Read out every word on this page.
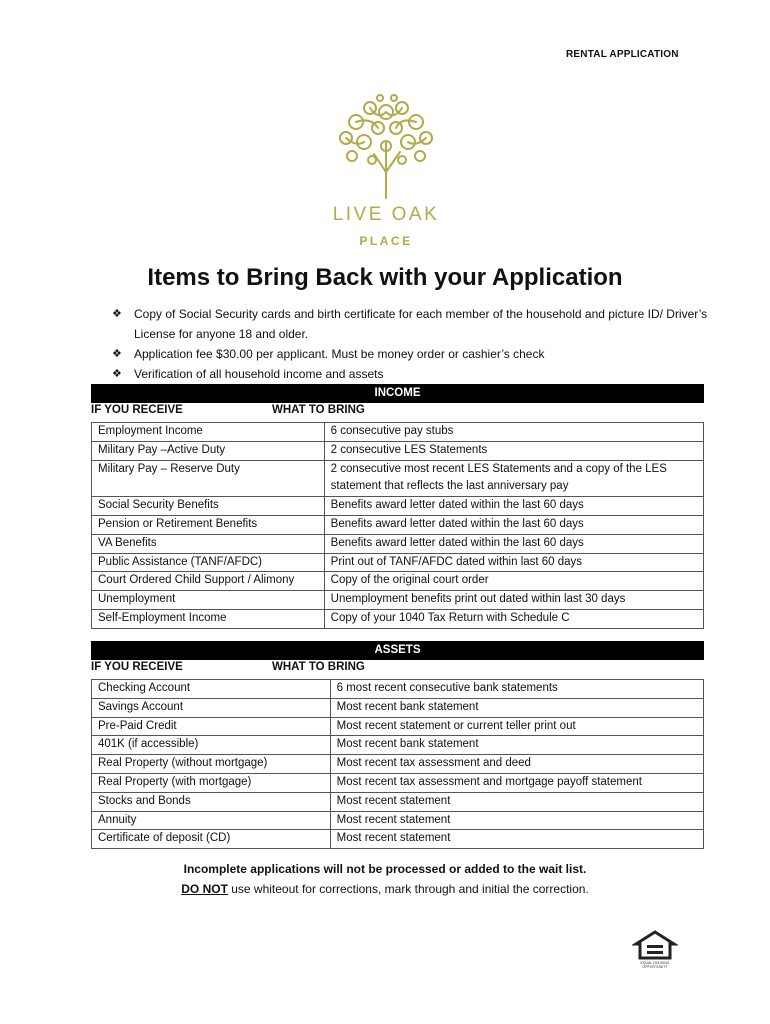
RENTAL APPLICATION
LIVE OAK
PLACE
Items to Bring Back with your Application
❖ Copy of Social Security cards and birth certificate for each member of the household and picture ID/ Driver’s License for anyone 18 and older.
❖ Application fee $30.00 per applicant. Must be money order or cashier’s check
❖ Verification of all household income and assets
INCOME
IF YOU RECEIVE	WHAT TO BRING
Employment Income	6 consecutive pay stubs
Military Pay –Active Duty	2 consecutive LES Statements
Military Pay – Reserve Duty	2 consecutive most recent LES Statements and a copy of the LES statement that reflects the last anniversary pay
Social Security Benefits	Benefits award letter dated within the last 60 days
Pension or Retirement Benefits	Benefits award letter dated within the last 60 days
VA Benefits	Benefits award letter dated within the last 60 days
Public Assistance (TANF/AFDC)	Print out of TANF/AFDC dated within last 60 days
Court Ordered Child Support / Alimony	Copy of the original court order
Unemployment	Unemployment benefits print out dated within last 30 days
Self-Employment Income	Copy of your 1040 Tax Return with Schedule C
ASSETS
IF YOU RECEIVE	WHAT TO BRING
Checking Account	6 most recent consecutive bank statements
Savings Account	Most recent bank statement
Pre-Paid Credit	Most recent statement or current teller print out
401K (if accessible)	Most recent bank statement
Real Property (without mortgage)	Most recent tax assessment and deed
Real Property (with mortgage)	Most recent tax assessment and mortgage payoff statement
Stocks and Bonds	Most recent statement
Annuity	Most recent statement
Certificate of deposit (CD)	Most recent statement
Incomplete applications will not be processed or added to the wait list.
DO NOT use whiteout for corrections, mark through and initial the correction.
EQUAL HOUSING OPPORTUNITY
